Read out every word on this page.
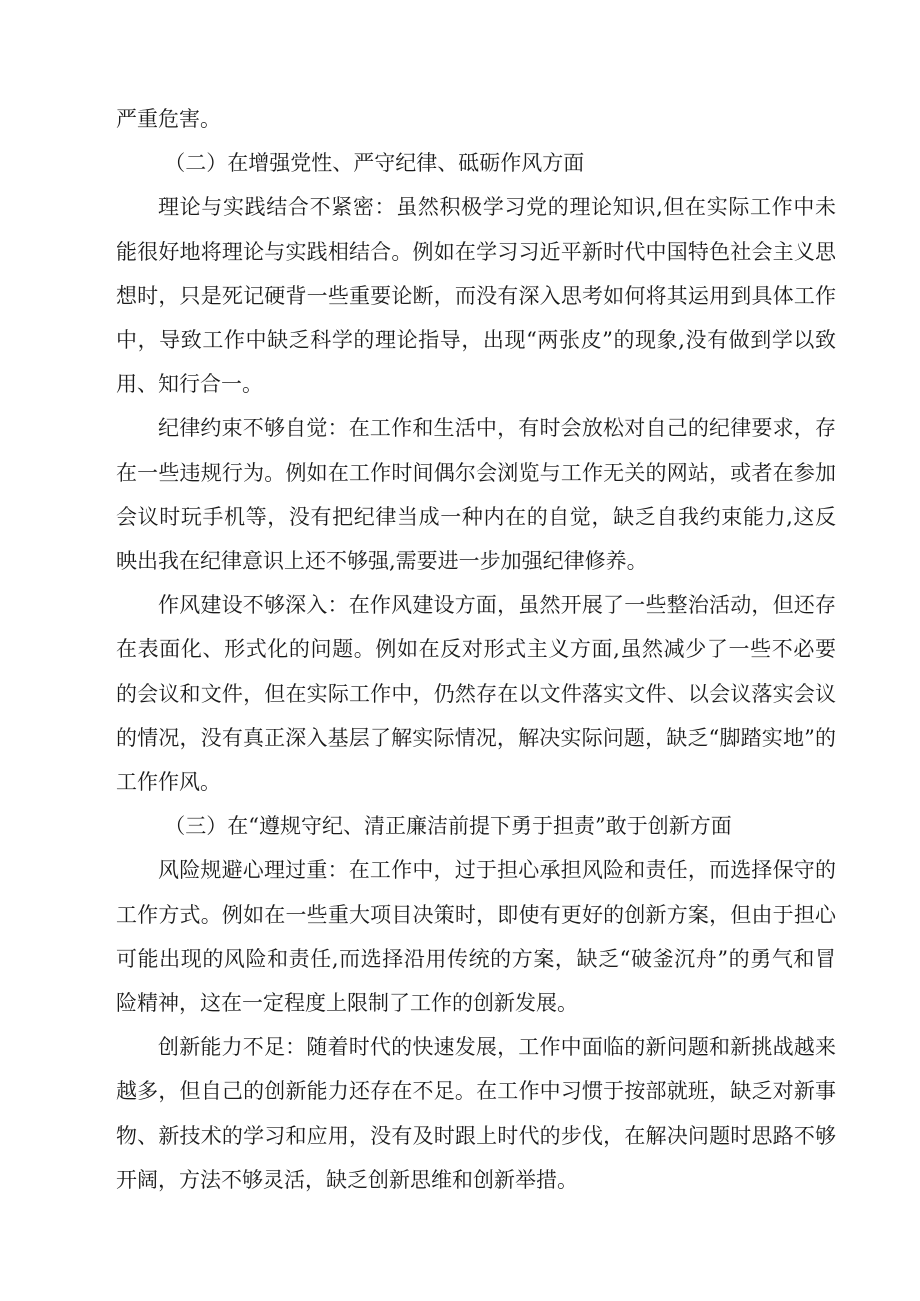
严重危害。

（二）在增强党性、严守纪律、砥砺作风方面

理论与实践结合不紧密：虽然积极学习党的理论知识,但在实际工作中未能很好地将理论与实践相结合。例如在学习习近平新时代中国特色社会主义思想时，只是死记硬背一些重要论断，而没有深入思考如何将其运用到具体工作中，导致工作中缺乏科学的理论指导，出现“两张皮”的现象,没有做到学以致用、知行合一。

纪律约束不够自觉：在工作和生活中，有时会放松对自己的纪律要求，存在一些违规行为。例如在工作时间偶尔会浏览与工作无关的网站，或者在参加会议时玩手机等，没有把纪律当成一种内在的自觉，缺乏自我约束能力,这反映出我在纪律意识上还不够强,需要进一步加强纪律修养。

作风建设不够深入：在作风建设方面，虽然开展了一些整治活动，但还存在表面化、形式化的问题。例如在反对形式主义方面,虽然减少了一些不必要的会议和文件，但在实际工作中，仍然存在以文件落实文件、以会议落实会议的情况，没有真正深入基层了解实际情况，解决实际问题，缺乏“脚踏实地”的工作作风。

（三）在“遵规守纪、清正廉洁前提下勇于担责”敢于创新方面

风险规避心理过重：在工作中，过于担心承担风险和责任，而选择保守的工作方式。例如在一些重大项目决策时，即使有更好的创新方案，但由于担心可能出现的风险和责任,而选择沿用传统的方案，缺乏“破釜沉舟”的勇气和冒险精神，这在一定程度上限制了工作的创新发展。

创新能力不足：随着时代的快速发展，工作中面临的新问题和新挑战越来越多，但自己的创新能力还存在不足。在工作中习惯于按部就班，缺乏对新事物、新技术的学习和应用，没有及时跟上时代的步伐，在解决问题时思路不够开阔，方法不够灵活，缺乏创新思维和创新举措。
